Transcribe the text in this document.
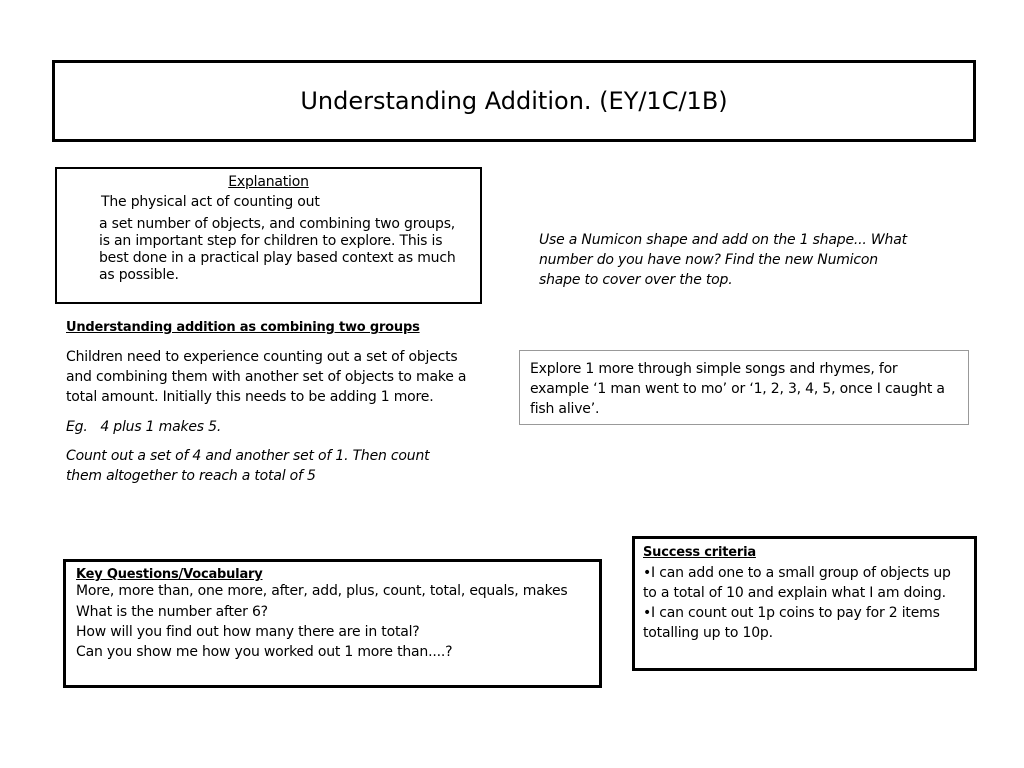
Understanding Addition. (EY/1C/1B)

Explanation

The physical act of counting out

a set number of objects, and combining two groups, is an important step for children to explore. This is best done in a practical play based context as much as possible.

Use a Numicon shape and add on the 1 shape... What number do you have now? Find the new Numicon shape to cover over the top.

Understanding addition as combining two groups

Children need to experience counting out a set of objects and combining them with another set of objects to make a total amount. Initially this needs to be adding 1 more.

Eg.   4 plus 1 makes 5.

Count out a set of 4 and another set of 1. Then count them altogether to reach a total of 5

Explore 1 more through simple songs and rhymes, for example ‘1 man went to mo’ or ‘1, 2, 3, 4, 5, once I caught a fish alive’.

Success criteria

•I can add one to a small group of objects up to a total of 10 and explain what I am doing.

•I can count out 1p coins to pay for 2 items totalling up to 10p.

Key Questions/Vocabulary

More, more than, one more, after, add, plus, count, total, equals, makes

What is the number after 6?

How will you find out how many there are in total?

Can you show me how you worked out 1 more than....?
